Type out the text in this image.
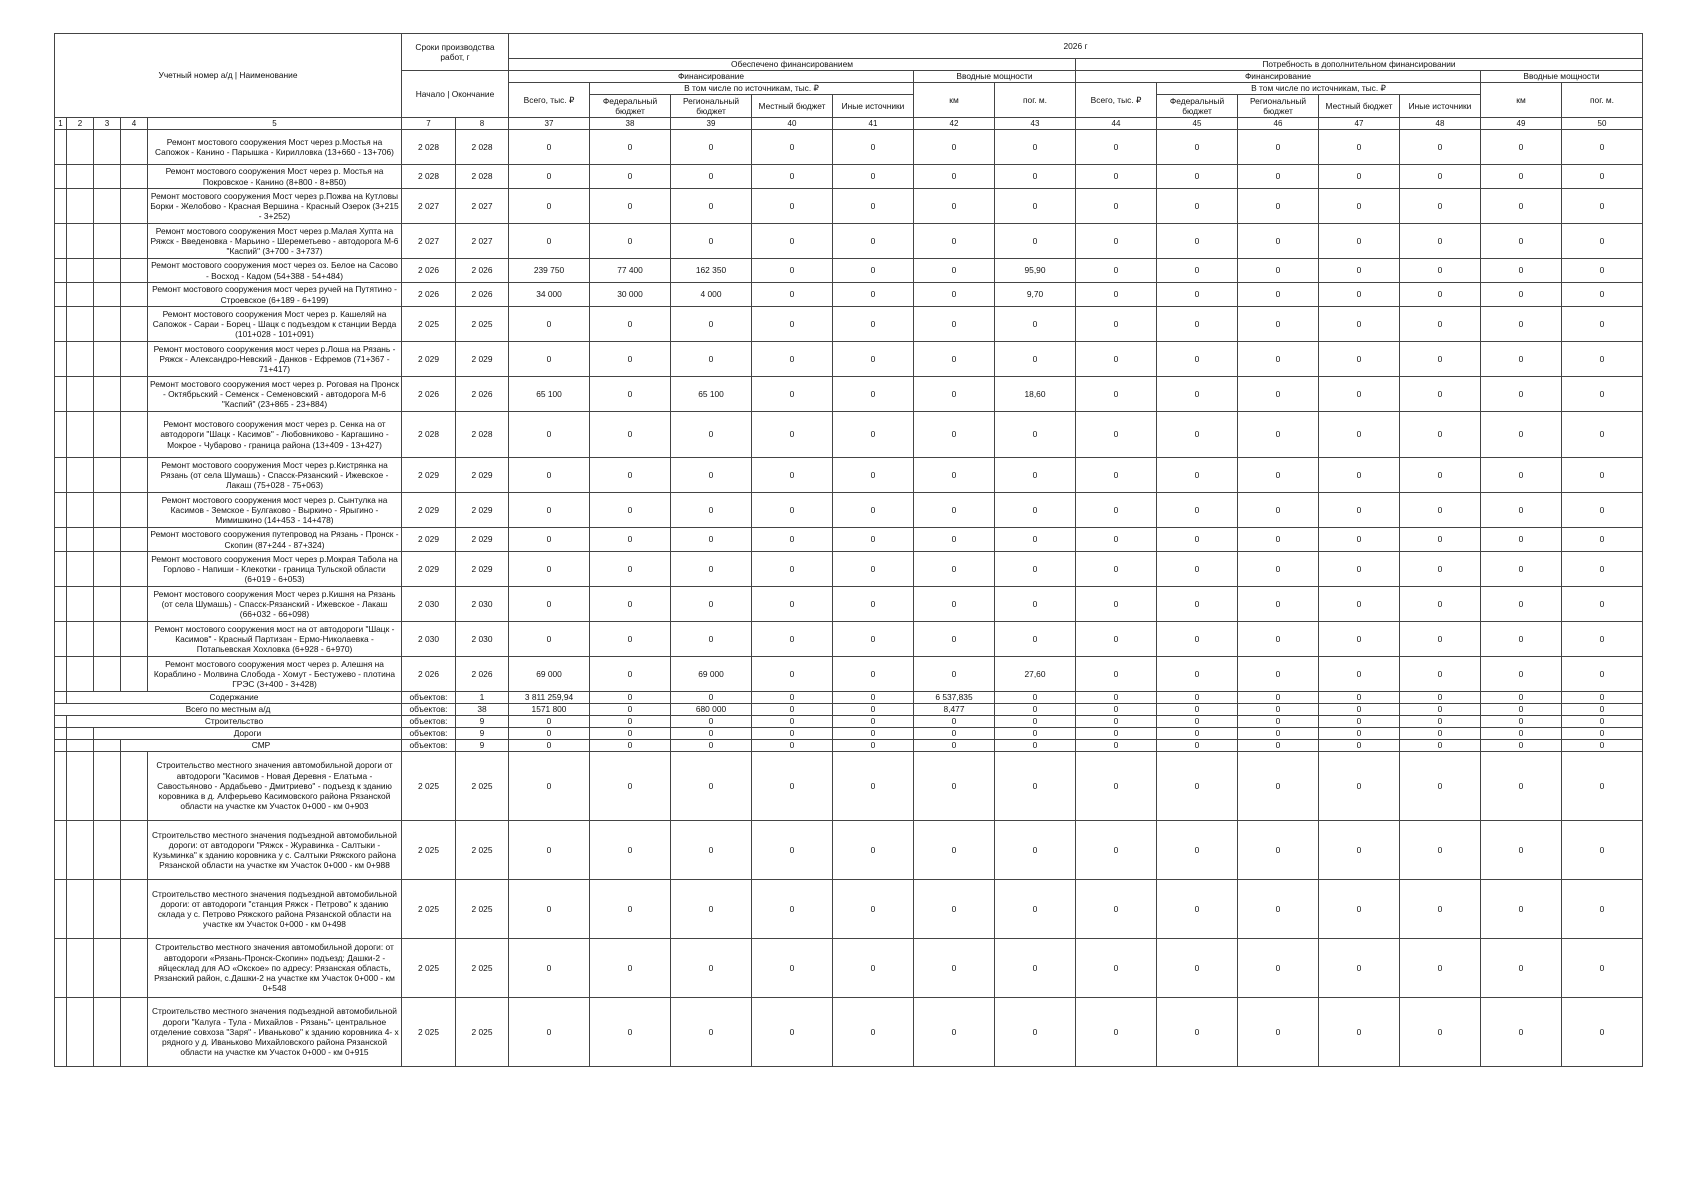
Учетный номер а/д | Наименование					Сроки производства работ, г		2026 г													
							Обеспечено финансированием							Потребность в дополнительном финансировании						
					Начало | Окончание		Финансирование					Вводные мощности		Финансирование					Вводные мощности	
							Всего, тыс. ₽	В том числе по источникам, тыс. ₽				км	пог. м.	Всего, тыс. ₽	В том числе по источникам, тыс. ₽				км	пог. м.
								Федеральный бюджет	Региональный бюджет	Местный бюджет	Иные источники				Федеральный бюджет	Региональный бюджет	Местный бюджет	Иные источники		
1	2	3	4	5	7	8	37	38	39	40	41	42	43	44	45	46	47	48	49	50
				Ремонт мостового сооружения Мост через р.Мостья на Сапожок - Канино - Парышка - Кирилловка (13+660 - 13+706)	2 028	2 028	0	0	0	0	0	0	0	0	0	0	0	0	0	0
				Ремонт мостового сооружения Мост через р. Мостья на Покровское - Канино (8+800 - 8+850)	2 028	2 028	0	0	0	0	0	0	0	0	0	0	0	0	0	0
				Ремонт мостового сооружения Мост через р.Пожва на Кутловы Борки - Желобово - Красная Вершина - Красный Озерок (3+215 - 3+252)	2 027	2 027	0	0	0	0	0	0	0	0	0	0	0	0	0	0
				Ремонт мостового сооружения Мост через р.Малая Хупта на Ряжск - Введеновка - Марьино - Шереметьево - автодорога М-6 "Каспий" (3+700 - 3+737)	2 027	2 027	0	0	0	0	0	0	0	0	0	0	0	0	0	0
				Ремонт мостового сооружения мост через оз. Белое на Сасово - Восход - Кадом (54+388 - 54+484)	2 026	2 026	239 750	77 400	162 350	0	0	0	95,90	0	0	0	0	0	0	0
				Ремонт мостового сооружения мост через ручей на Путятино - Строевское (6+189 - 6+199)	2 026	2 026	34 000	30 000	4 000	0	0	0	9,70	0	0	0	0	0	0	0
				Ремонт мостового сооружения Мост через р. Кашеляй на Сапожок - Сараи - Борец - Шацк с подъездом к станции Верда (101+028 - 101+091)	2 025	2 025	0	0	0	0	0	0	0	0	0	0	0	0	0	0
				Ремонт мостового сооружения мост через р.Лоша на Рязань - Ряжск - Александро-Невский - Данков - Ефремов (71+367 - 71+417)	2 029	2 029	0	0	0	0	0	0	0	0	0	0	0	0	0	0
				Ремонт мостового сооружения мост через р. Роговая на Пронск - Октябрьский - Семенск - Семеновский - автодорога М-6 "Каспий" (23+865 - 23+884)	2 026	2 026	65 100	0	65 100	0	0	0	18,60	0	0	0	0	0	0	0
				Ремонт мостового сооружения мост через р. Сенка на от автодороги "Шацк - Касимов" - Любовниково - Каргашино - Мокрое - Чубарово - граница района (13+409 - 13+427)	2 028	2 028	0	0	0	0	0	0	0	0	0	0	0	0	0	0
				Ремонт мостового сооружения Мост через р.Кистрянка на Рязань (от села Шумашь) - Спасск-Рязанский - Ижевское - Лакаш (75+028 - 75+063)	2 029	2 029	0	0	0	0	0	0	0	0	0	0	0	0	0	0
				Ремонт мостового сооружения мост через р. Сынтулка на Касимов - Земское - Булгаково - Выркино - Ярыгино - Мимишкино (14+453 - 14+478)	2 029	2 029	0	0	0	0	0	0	0	0	0	0	0	0	0	0
				Ремонт мостового сооружения путепровод на Рязань - Пронск - Скопин (87+244 - 87+324)	2 029	2 029	0	0	0	0	0	0	0	0	0	0	0	0	0	0
				Ремонт мостового сооружения Мост через р.Мокрая Табола на Горлово - Напиши - Клекотки - граница Тульской области (6+019 - 6+053)	2 029	2 029	0	0	0	0	0	0	0	0	0	0	0	0	0	0
				Ремонт мостового сооружения Мост через р.Кишня на Рязань (от села Шумашь) - Спасск-Рязанский - Ижевское - Лакаш (66+032 - 66+098)	2 030	2 030	0	0	0	0	0	0	0	0	0	0	0	0	0	0
				Ремонт мостового сооружения мост на от автодороги "Шацк - Касимов" - Красный Партизан - Ермо-Николаевка - Потапьевская Хохловка (6+928 - 6+970)	2 030	2 030	0	0	0	0	0	0	0	0	0	0	0	0	0	0
				Ремонт мостового сооружения мост через р. Алешня на Кораблино - Молвина Слобода - Хомут - Бестужево - плотина ГРЭС (3+400 - 3+428)	2 026	2 026	69 000	0	69 000	0	0	0	27,60	0	0	0	0	0	0	0
	Содержание				объектов:	1	3 811 259,94	0	0	0	0	6 537,835	0	0	0	0	0	0	0	0
Всего по местным а/д					объектов:	38	1571 800	0	680 000	0	0	8,477	0	0	0	0	0	0	0	0
	Строительство				объектов:	9	0	0	0	0	0	0	0	0	0	0	0	0	0	0
		Дороги			объектов:	9	0	0	0	0	0	0	0	0	0	0	0	0	0	0
			СМР		объектов:	9	0	0	0	0	0	0	0	0	0	0	0	0	0	0
				Строительство местного значения автомобильной дороги от автодороги "Касимов - Новая Деревня - Елатьма - Савостьяново - Ардабьево - Дмитриево" - подъезд к зданию коровника в д. Алферьево Касимовского района Рязанской области на участке км Участок 0+000 - км 0+903	2 025	2 025	0	0	0	0	0	0	0	0	0	0	0	0	0	0
				Строительство местного значения подъездной автомобильной дороги: от автодороги "Ряжск - Журавинка - Салтыки - Кузьминка" к зданию коровника у с. Салтыки Ряжского района Рязанской области на участке км Участок 0+000 - км 0+988	2 025	2 025	0	0	0	0	0	0	0	0	0	0	0	0	0	0
				Строительство местного значения подъездной автомобильной дороги: от автодороги "станция Ряжск - Петрово" к зданию склада у с. Петрово Ряжского района Рязанской области на участке км Участок 0+000 - км 0+498	2 025	2 025	0	0	0	0	0	0	0	0	0	0	0	0	0	0
				Строительство местного значения автомобильной дороги: от автодороги «Рязань-Пронск-Скопин» подъезд: Дашки-2 - яйцесклад для АО «Окское» по адресу: Рязанская область, Рязанский район, с.Дашки-2 на участке км Участок 0+000 - км 0+548	2 025	2 025	0	0	0	0	0	0	0	0	0	0	0	0	0	0
				Строительство местного значения подъездной автомобильной дороги "Калуга - Тула - Михайлов - Рязань"- центральное отделение совхоза "Заря" - Иваньково" к зданию коровника 4- х рядного у д. Иваньково Михайловского района Рязанской области на участке км Участок 0+000 - км 0+915	2 025	2 025	0	0	0	0	0	0	0	0	0	0	0	0	0	0
